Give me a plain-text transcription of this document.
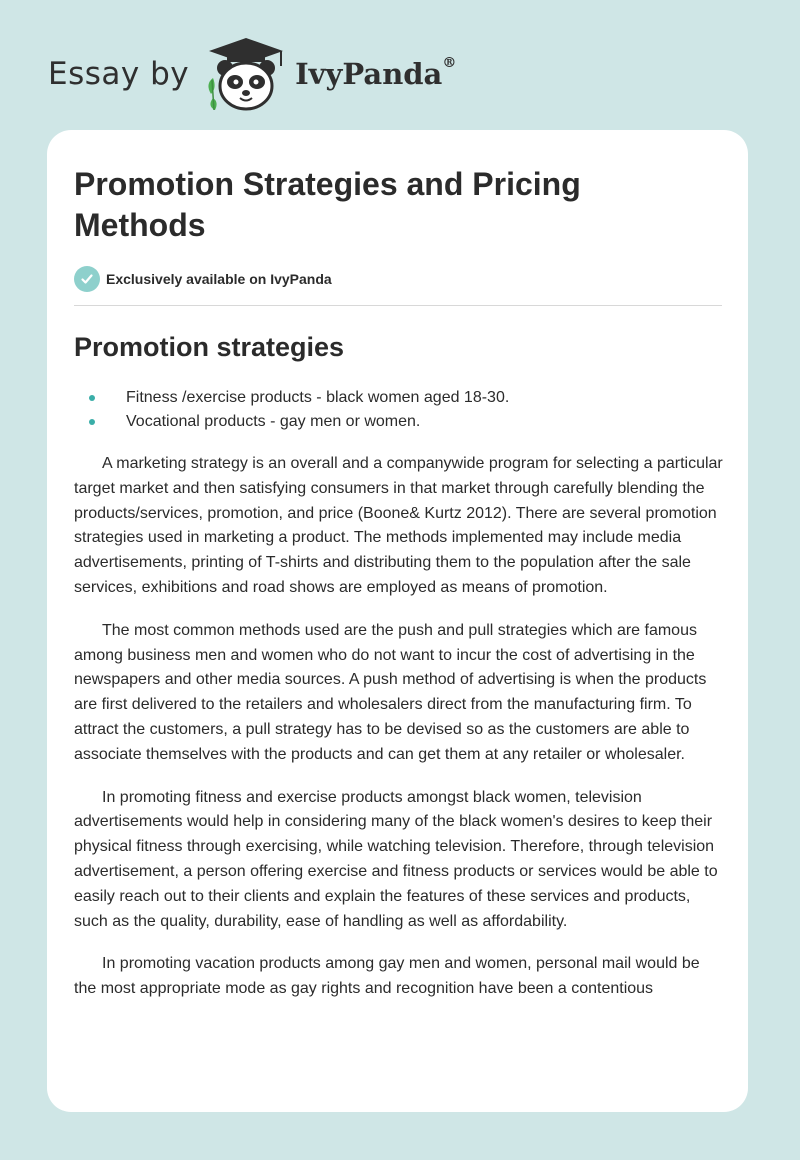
Essay by	IvyPanda®
Promotion Strategies and Pricing Methods
Exclusively available on IvyPanda
Promotion strategies
Fitness /exercise products - black women aged 18-30.
Vocational products - gay men or women.

A marketing strategy is an overall and a companywide program for selecting a particular target market and then satisfying consumers in that market through carefully blending the products/services, promotion, and price (Boone& Kurtz 2012). There are several promotion strategies used in marketing a product. The methods implemented may include media advertisements, printing of T-shirts and distributing them to the population after the sale services, exhibitions and road shows are employed as means of promotion.

The most common methods used are the push and pull strategies which are famous among business men and women who do not want to incur the cost of advertising in the newspapers and other media sources. A push method of advertising is when the products are first delivered to the retailers and wholesalers direct from the manufacturing firm. To attract the customers, a pull strategy has to be devised so as the customers are able to associate themselves with the products and can get them at any retailer or wholesaler.

In promoting fitness and exercise products amongst black women, television advertisements would help in considering many of the black women's desires to keep their physical fitness through exercising, while watching television. Therefore, through television advertisement, a person offering exercise and fitness products or services would be able to easily reach out to their clients and explain the features of these services and products, such as the quality, durability, ease of handling as well as affordability.

In promoting vacation products among gay men and women, personal mail would be the most appropriate mode as gay rights and recognition have been a contentious
